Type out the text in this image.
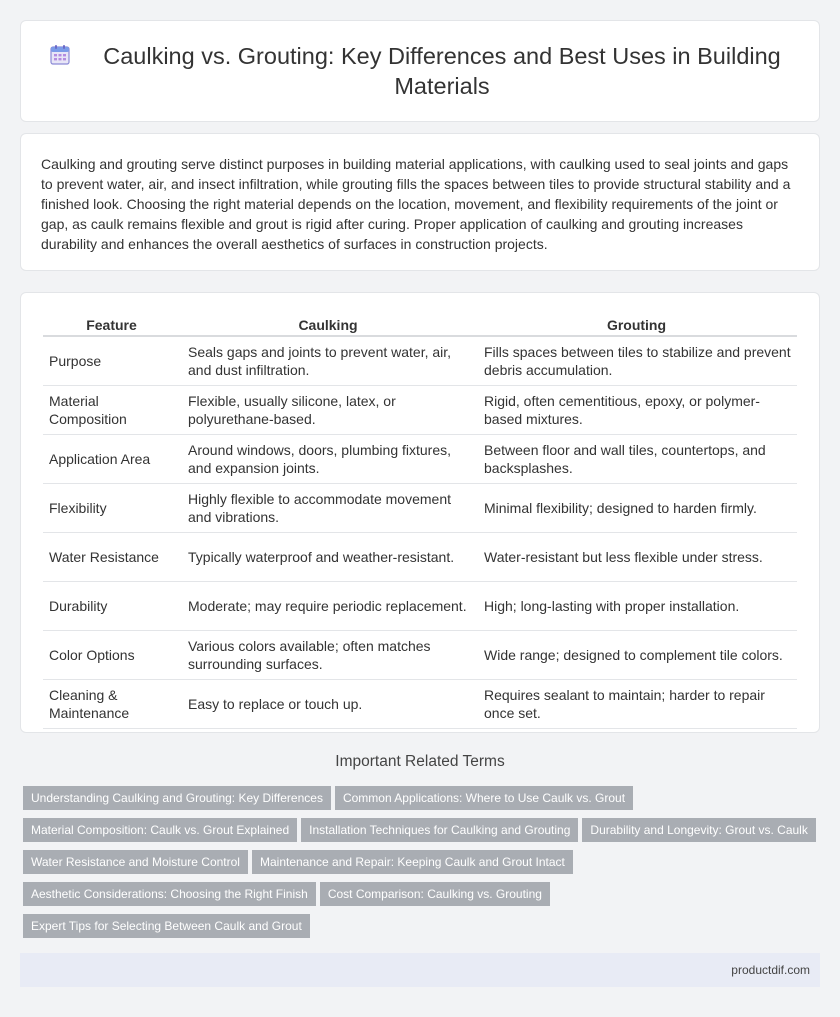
Caulking vs. Grouting: Key Differences and Best Uses in Building Materials

Caulking and grouting serve distinct purposes in building material applications, with caulking used to seal joints and gaps to prevent water, air, and insect infiltration, while grouting fills the spaces between tiles to provide structural stability and a finished look. Choosing the right material depends on the location, movement, and flexibility requirements of the joint or gap, as caulk remains flexible and grout is rigid after curing. Proper application of caulking and grouting increases durability and enhances the overall aesthetics of surfaces in construction projects.

Feature	Caulking	Grouting
Purpose	Seals gaps and joints to prevent water, air, and dust infiltration.	Fills spaces between tiles to stabilize and prevent debris accumulation.
Material Composition	Flexible, usually silicone, latex, or polyurethane-based.	Rigid, often cementitious, epoxy, or polymer-based mixtures.
Application Area	Around windows, doors, plumbing fixtures, and expansion joints.	Between floor and wall tiles, countertops, and backsplashes.
Flexibility	Highly flexible to accommodate movement and vibrations.	Minimal flexibility; designed to harden firmly.
Water Resistance	Typically waterproof and weather-resistant.	Water-resistant but less flexible under stress.
Durability	Moderate; may require periodic replacement.	High; long-lasting with proper installation.
Color Options	Various colors available; often matches surrounding surfaces.	Wide range; designed to complement tile colors.
Cleaning & Maintenance	Easy to replace or touch up.	Requires sealant to maintain; harder to repair once set.
Important Related Terms
Understanding Caulking and Grouting: Key Differences Common Applications: Where to Use Caulk vs. Grout
Material Composition: Caulk vs. Grout Explained Installation Techniques for Caulking and Grouting Durability and Longevity: Grout vs. Caulk
Water Resistance and Moisture Control Maintenance and Repair: Keeping Caulk and Grout Intact
Aesthetic Considerations: Choosing the Right Finish Cost Comparison: Caulking vs. Grouting
Expert Tips for Selecting Between Caulk and Grout
productdif.com
